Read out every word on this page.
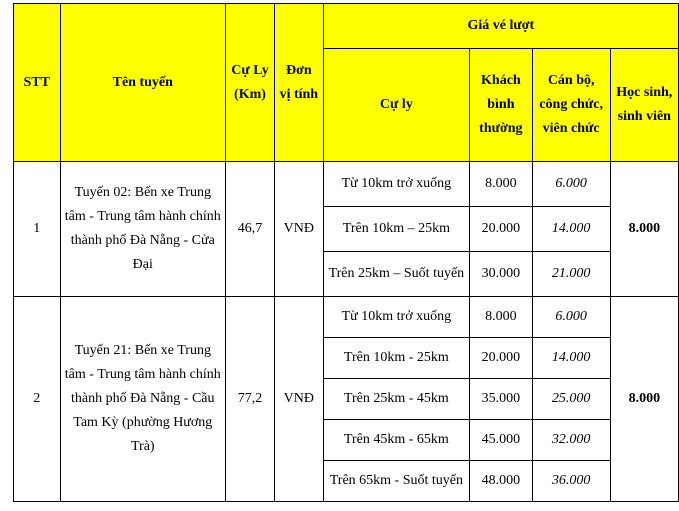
STT	Tên tuyến	Cự Ly (Km)	Đơn vị tính	Giá vé lượt			
				Cự ly	Khách bình thường	Cán bộ, công chức, viên chức	Học sinh, sinh viên
1	Tuyến 02: Bến xe Trung tâm - Trung tâm hành chính thành phố Đà Nẵng - Cửa Đại	46,7	VNĐ	Từ 10km trở xuống	8.000	6.000	8.000
				Trên 10km – 25km	20.000	14.000	
				Trên 25km – Suốt tuyến	30.000	21.000	
2	Tuyến 21: Bến xe Trung tâm - Trung tâm hành chính thành phố Đà Nẵng - Cầu Tam Kỳ (phường Hương Trà)	77,2	VNĐ	Từ 10km trở xuống	8.000	6.000	8.000
				Trên 10km - 25km	20.000	14.000	
				Trên 25km - 45km	35.000	25.000	
				Trên 45km - 65km	45.000	32.000	
				Trên 65km - Suốt tuyến	48.000	36.000	
